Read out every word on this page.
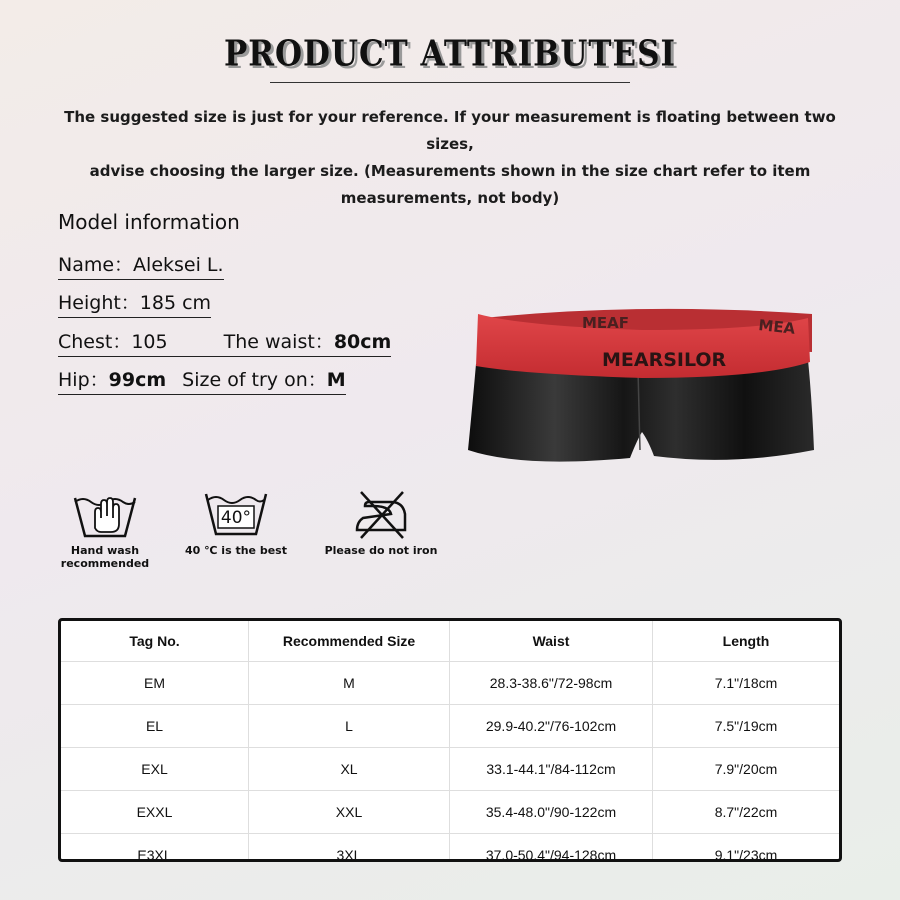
PRODUCT ATTRIBUTESI
The suggested size is just for your reference. If your measurement is floating between two sizes,
advise choosing the larger size. (Measurements shown in the size chart refer to item
measurements, not body)
Model information
Name：Aleksei L.
Height：185 cm
Chest：105	The waist：80cm
Hip：99cm Size of try on：M
MEARSILOR
MEAF	MEA
Hand wash
recommended
40°
40 ℃ is the best	Please do not iron
Tag No.	Recommended Size	Waist	Length
EM	M	28.3-38.6"/72-98cm	7.1"/18cm
EL	L	29.9-40.2"/76-102cm	7.5"/19cm
EXL	XL	33.1-44.1"/84-112cm	7.9"/20cm
EXXL	XXL	35.4-48.0"/90-122cm	8.7"/22cm
E3XL	3XL	37.0-50.4"/94-128cm	9.1"/23cm
